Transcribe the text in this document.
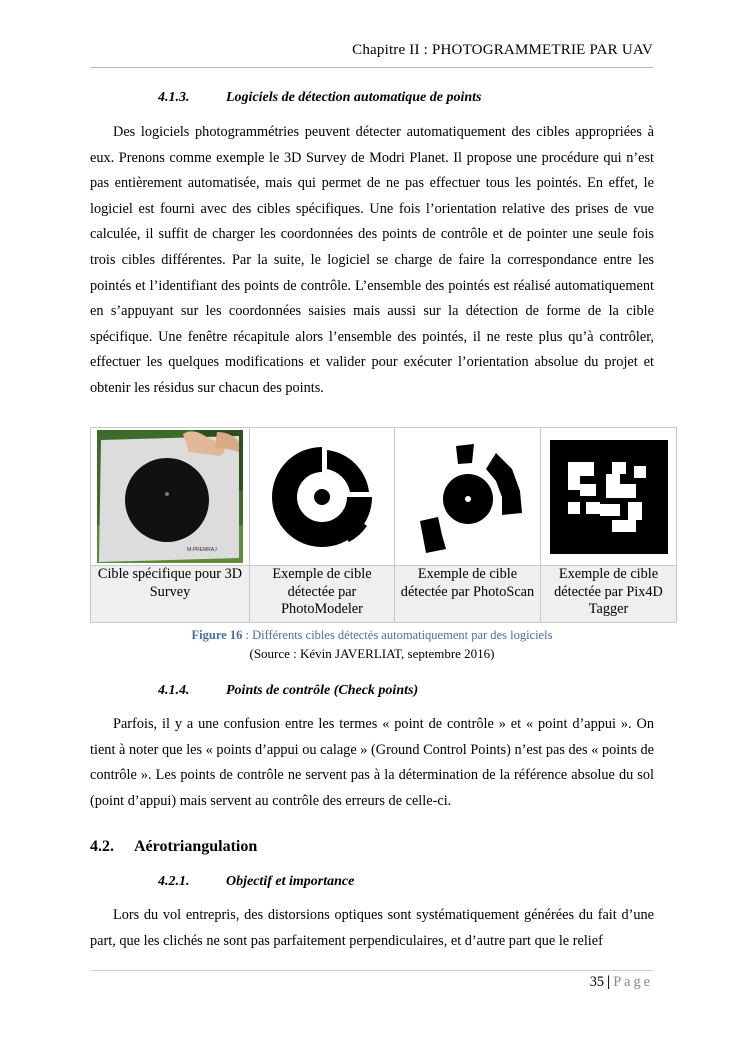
Chapitre II : PHOTOGRAMMETRIE PAR UAV
4.1.3.	Logiciels de détection automatique de points
Des logiciels photogrammétries peuvent détecter automatiquement des cibles appropriées à eux. Prenons comme exemple le 3D Survey de Modri Planet. Il propose une procédure qui n’est pas entièrement automatisée, mais qui permet de ne pas effectuer tous les pointés. En effet, le logiciel est fourni avec des cibles spécifiques. Une fois l’orientation relative des prises de vue calculée, il suffit de charger les coordonnées des points de contrôle et de pointer une seule fois trois cibles différentes. Par la suite, le logiciel se charge de faire la correspondance entre les pointés et l’identifiant des points de contrôle. L’ensemble des pointés est réalisé automatiquement en s’appuyant sur les coordonnées saisies mais aussi sur la détection de forme de la cible spécifique. Une fenêtre récapitule alors l’ensemble des pointés, il ne reste plus qu’à contrôler, effectuer les quelques modifications et valider pour exécuter l’orientation absolue du projet et obtenir les résidus sur chacun des points.
M-PREMRAJ

Cible spécifique pour 3D Survey	Exemple de cible détectée par PhotoModeler	Exemple de cible détectée par PhotoScan	Exemple de cible détectée par Pix4D Tagger
Figure 16 : Différents cibles détectés automatiquement par des logiciels
(Source : Kévin JAVERLIAT, septembre 2016)
4.1.4.	Points de contrôle (Check points)
Parfois, il y a une confusion entre les termes « point de contrôle » et « point d’appui ». On tient à noter que les « points d’appui ou calage » (Ground Control Points) n’est pas des « points de contrôle ». Les points de contrôle ne servent pas à la détermination de la référence absolue du sol (point d’appui) mais servent au contrôle des erreurs de celle-ci.
4.2. Aérotriangulation
4.2.1.	Objectif et importance
Lors du vol entrepris, des distorsions optiques sont systématiquement générées du fait d’une part, que les clichés ne sont pas parfaitement perpendiculaires, et d’autre part que le relief
35 | Page
